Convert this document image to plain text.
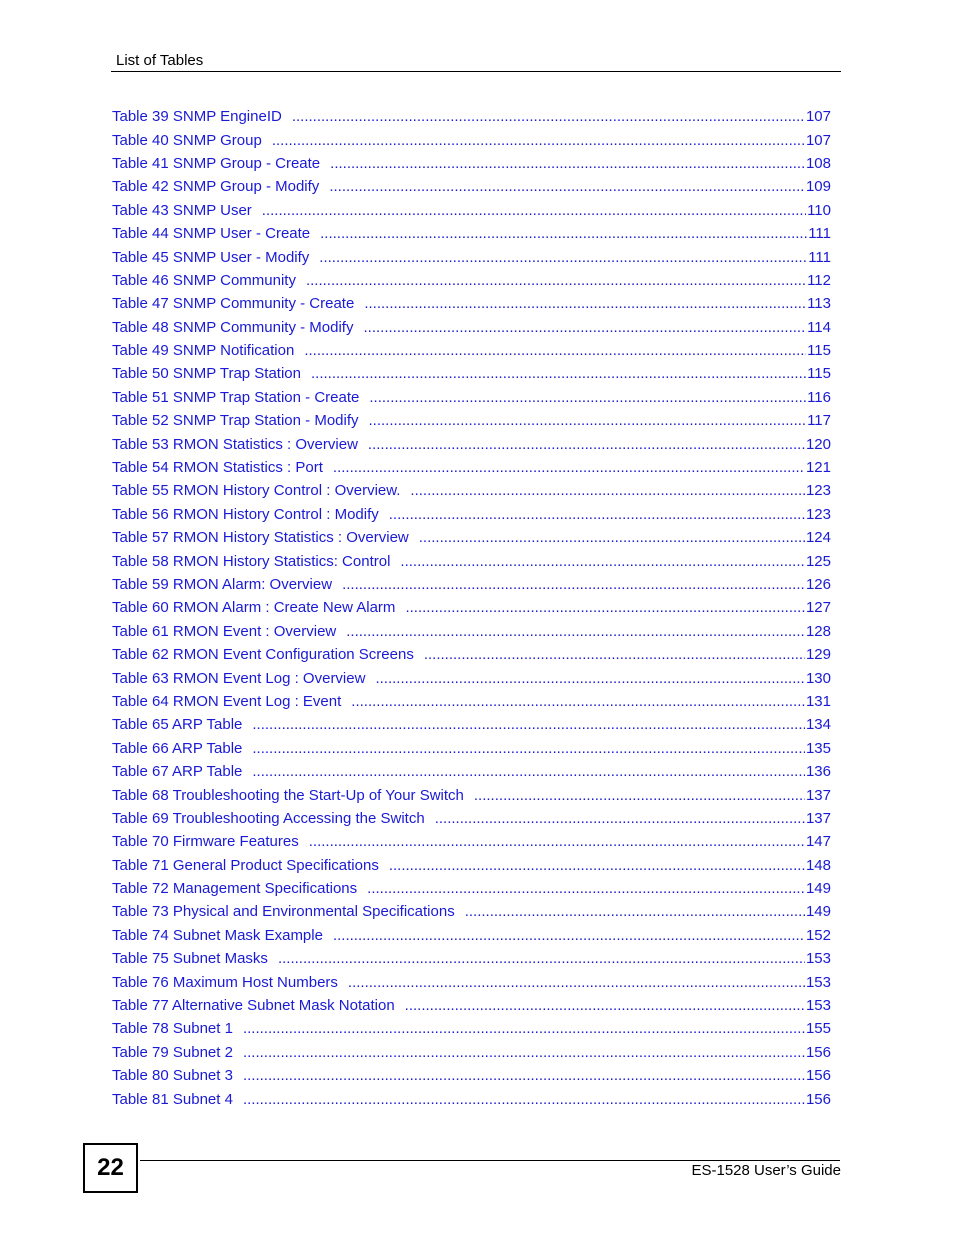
List of Tables
Table 39 SNMP EngineID .....	107
Table 40 SNMP Group .....	107
Table 41 SNMP Group - Create .....	108
Table 42 SNMP Group - Modify .....	109
Table 43 SNMP User .....	110
Table 44 SNMP User - Create .....	111
Table 45 SNMP User - Modify .....	111
Table 46 SNMP Community .....	112
Table 47 SNMP Community - Create .....	113
Table 48 SNMP Community - Modify .....	114
Table 49 SNMP Notification .....	115
Table 50 SNMP Trap Station .....	115
Table 51 SNMP Trap Station - Create .....	116
Table 52 SNMP Trap Station - Modify .....	117
Table 53 RMON Statistics : Overview .....	120
Table 54 RMON Statistics : Port .....	121
Table 55 RMON History Control : Overview. .....	123
Table 56 RMON History Control : Modify .....	123
Table 57 RMON History Statistics : Overview .....	124
Table 58 RMON History Statistics: Control .....	125
Table 59 RMON Alarm: Overview .....	126
Table 60 RMON Alarm : Create New Alarm .....	127
Table 61 RMON Event : Overview .....	128
Table 62 RMON Event Configuration Screens .....	129
Table 63 RMON Event Log : Overview .....	130
Table 64 RMON Event Log : Event .....	131
Table 65 ARP Table .....	134
Table 66 ARP Table .....	135
Table 67 ARP Table .....	136
Table 68 Troubleshooting the Start-Up of Your Switch .....	137
Table 69 Troubleshooting Accessing the Switch .....	137
Table 70 Firmware Features .....	147
Table 71 General Product Specifications .....	148
Table 72 Management Specifications .....	149
Table 73 Physical and Environmental Specifications .....	149
Table 74 Subnet Mask Example .....	152
Table 75 Subnet Masks .....	153
Table 76 Maximum Host Numbers .....	153
Table 77 Alternative Subnet Mask Notation .....	153
Table 78 Subnet 1 .....	155
Table 79 Subnet 2 .....	156
Table 80 Subnet 3 .....	156
Table 81 Subnet 4 .....	156
22	ES-1528 User’s Guide
